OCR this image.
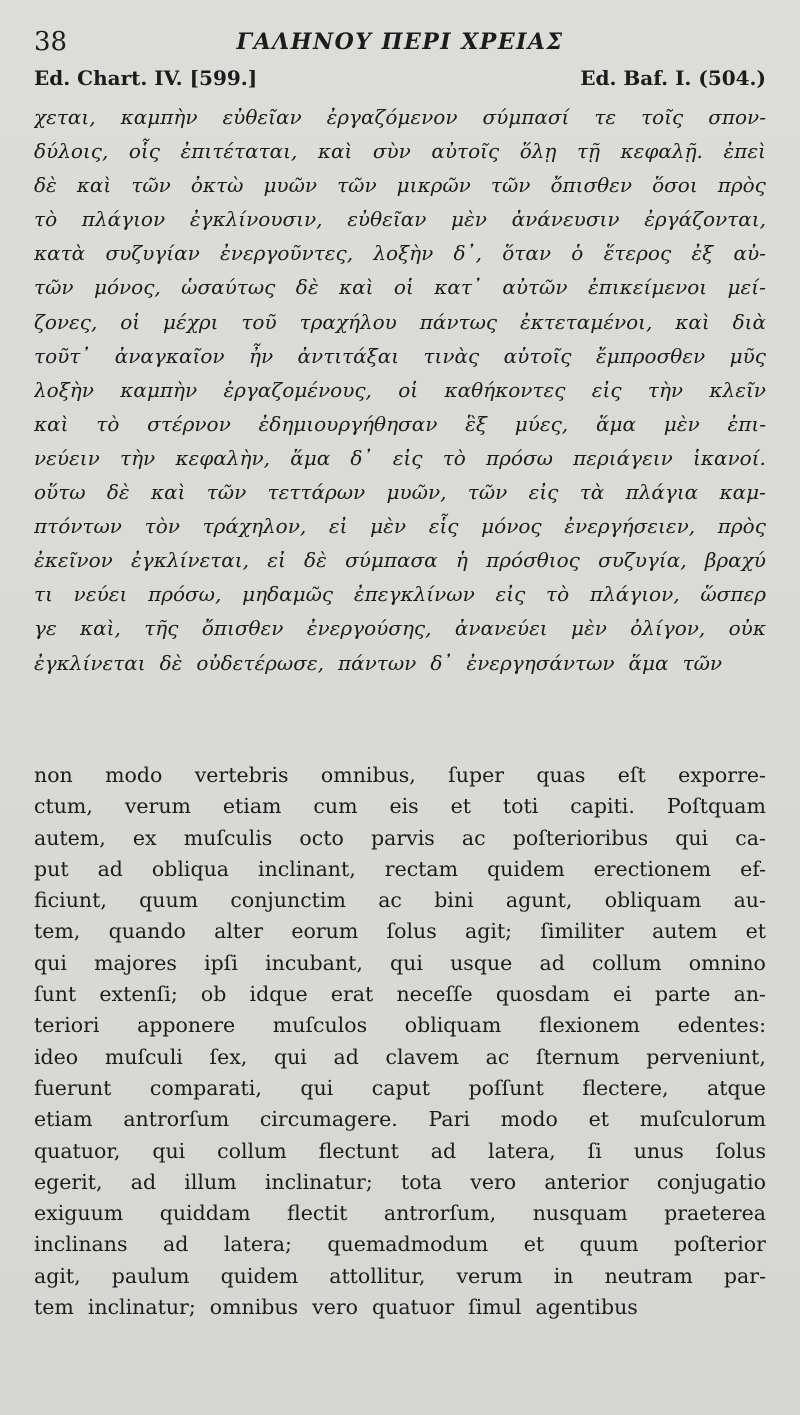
38	ΓΑΛΗΝΟΥ ΠΕΡΙ ΧΡΕΙΑΣ
Ed. Chart. IV. [599.]	Ed. Baf. I. (504.)
χεται, καμπὴν εὐθεῖαν ἐργαζόμενον σύμπασί τε τοῖς σπον-
δύλοις, οἷς ἐπιτέταται, καὶ σὺν αὐτοῖς ὅλῃ τῇ κεφαλῇ. ἐπεὶ
δὲ καὶ τῶν ὀκτὼ μυῶν τῶν μικρῶν τῶν ὄπισθεν ὅσοι πρὸς
τὸ πλάγιον ἐγκλίνουσιν, εὐθεῖαν μὲν ἀνάνευσιν ἐργάζονται,
κατὰ συζυγίαν ἐνεργοῦντες, λοξὴν δ᾽, ὅταν ὁ ἕτερος ἐξ αὐ-
τῶν μόνος, ὡσαύτως δὲ καὶ οἱ κατ᾽ αὐτῶν ἐπικείμενοι μεί-
ζονες, οἱ μέχρι τοῦ τραχήλου πάντως ἐκτεταμένοι, καὶ διὰ
τοῦτ᾽ ἀναγκαῖον ἦν ἀντιτάξαι τινὰς αὐτοῖς ἔμπροσθεν μῦς
λοξὴν καμπὴν ἐργαζομένους, οἱ καθήκοντες εἰς τὴν κλεῖν
καὶ τὸ στέρνον ἐδημιουργήθησαν ἓξ μύες, ἅμα μὲν ἐπι-
νεύειν τὴν κεφαλὴν, ἅμα δ᾽ εἰς τὸ πρόσω περιάγειν ἱκανοί.
οὕτω δὲ καὶ τῶν τεττάρων μυῶν, τῶν εἰς τὰ πλάγια καμ-
πτόντων τὸν τράχηλον, εἰ μὲν εἷς μόνος ἐνεργήσειεν, πρὸς
ἐκεῖνον ἐγκλίνεται, εἰ δὲ σύμπασα ἡ πρόσθιος συζυγία, βραχύ
τι νεύει πρόσω, μηδαμῶς ἐπεγκλίνων εἰς τὸ πλάγιον, ὥσπερ
γε καὶ, τῆς ὄπισθεν ἐνεργούσης, ἀνανεύει μὲν ὀλίγον, οὐκ
ἐγκλίνεται δὲ οὐδετέρωσε, πάντων δ᾽ ἐνεργησάντων ἅμα τῶν
non modo vertebris omnibus, ſuper quas eſt exporre-
ctum, verum etiam cum eis et toti capiti. Poſtquam
autem, ex muſculis octo parvis ac poſterioribus qui ca-
put ad obliqua inclinant, rectam quidem erectionem ef-
ficiunt, quum conjunctim ac bini agunt, obliquam au-
tem, quando alter eorum ſolus agit; ſimiliter autem et
qui majores ipſi incubant, qui usque ad collum omnino
ſunt extenſi; ob idque erat neceſſe quosdam ei parte an-
teriori apponere muſculos obliquam flexionem edentes:
ideo muſculi ſex, qui ad clavem ac ſternum perveniunt,
fuerunt comparati, qui caput poſſunt flectere, atque
etiam antrorſum circumagere. Pari modo et muſculorum
quatuor, qui collum flectunt ad latera, ſi unus ſolus
egerit, ad illum inclinatur; tota vero anterior conjugatio
exiguum quiddam flectit antrorſum, nusquam praeterea
inclinans ad latera; quemadmodum et quum poſterior
agit, paulum quidem attollitur, verum in neutram par-
tem inclinatur; omnibus vero quatuor ſimul agentibus
